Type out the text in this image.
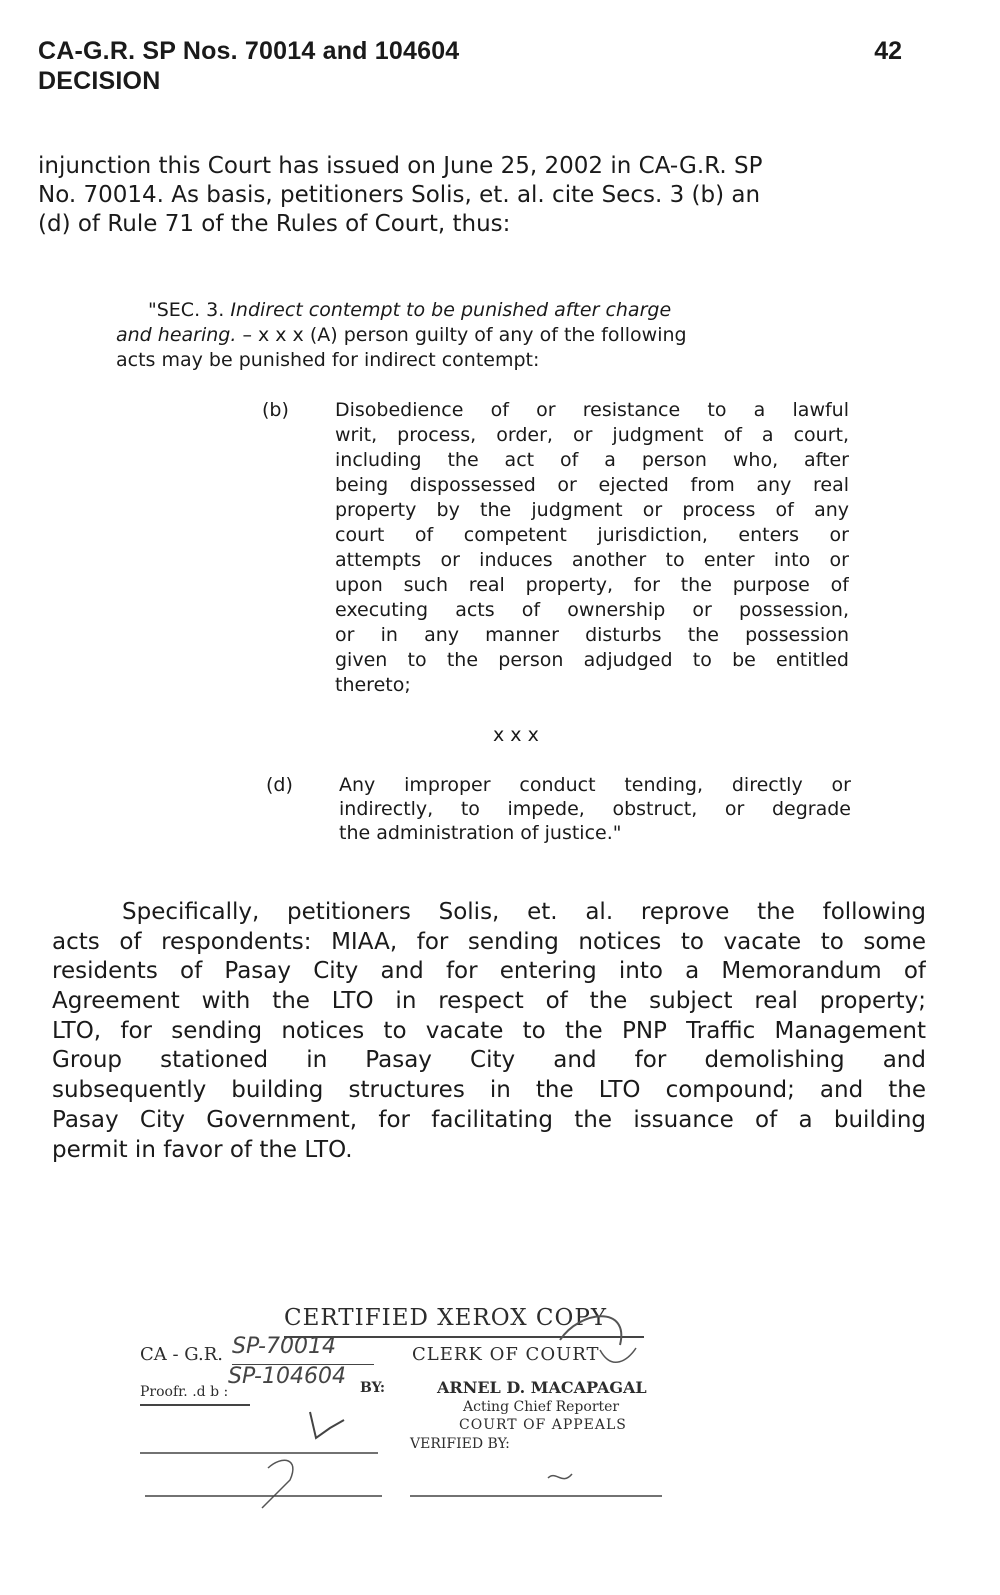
CA-G.R. SP Nos. 70014 and 104604
DECISION
42
injunction this Court has issued on June 25, 2002 in CA-G.R. SP
No. 70014. As basis, petitioners Solis, et. al. cite Secs. 3 (b) an
(d) of Rule 71 of the Rules of Court, thus:
"SEC. 3. Indirect contempt to be punished after charge
and hearing. – x x x (A) person guilty of any of the following
acts may be punished for indirect contempt:
(b) Disobedience of or resistance to a lawful
writ, process, order, or judgment of a court,
including the act of a person who, after
being dispossessed or ejected from any real
property by the judgment or process of any
court of competent jurisdiction, enters or
attempts or induces another to enter into or
upon such real property, for the purpose of
executing acts of ownership or possession,
or in any manner disturbs the possession
given to the person adjudged to be entitled
thereto;
x x x
(d) Any improper conduct tending, directly or
indirectly, to impede, obstruct, or degrade
the administration of justice."
Specifically, petitioners Solis, et. al. reprove the following
acts of respondents: MIAA, for sending notices to vacate to some
residents of Pasay City and for entering into a Memorandum of
Agreement with the LTO in respect of the subject real property;
LTO, for sending notices to vacate to the PNP Traffic Management
Group stationed in Pasay City and for demolishing and
subsequently building structures in the LTO compound; and the
Pasay City Government, for facilitating the issuance of a building
permit in favor of the LTO.
CERTIFIED XEROX COPY
CA - G.R. SP-70014
Proofr. .d b :
SP-104604
CLERK OF COURT
BY:	ARNEL D. MACAPAGAL
Acting Chief Reporter
COURT OF APPEALS
VERIFIED BY:
